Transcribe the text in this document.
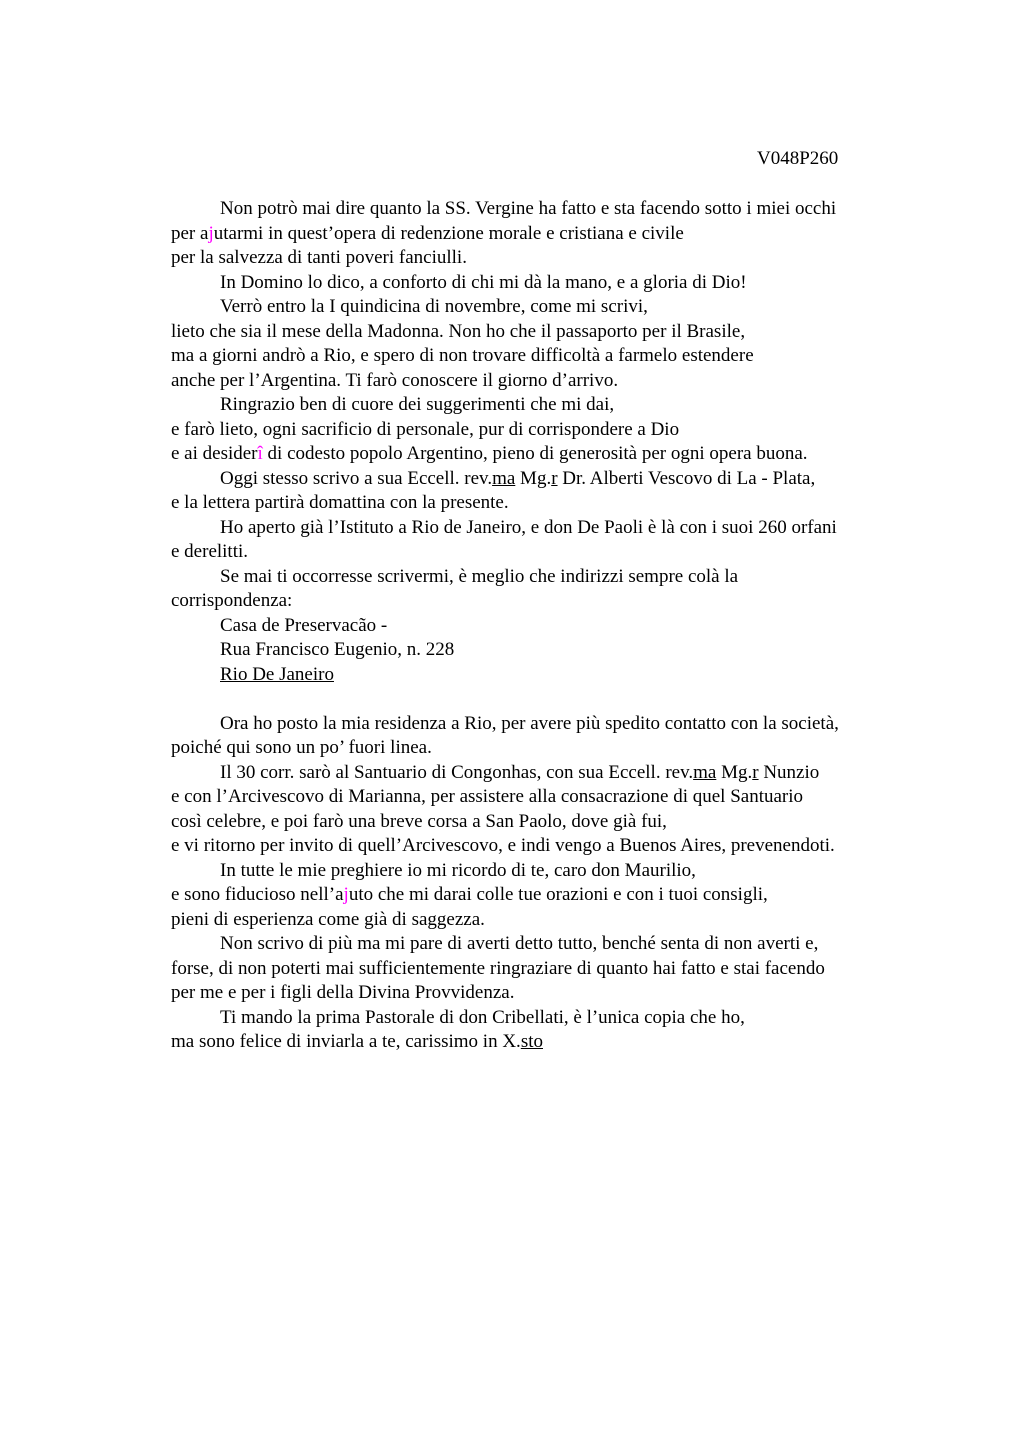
V048P260
Non potrò mai dire quanto la SS. Vergine ha fatto e sta facendo sotto i miei occhi
per ajutarmi in quest’opera di redenzione morale e cristiana e civile
per la salvezza di tanti poveri fanciulli.
In Domino lo dico, a conforto di chi mi dà la mano, e a gloria di Dio!
Verrò entro la I quindicina di novembre, come mi scrivi,
lieto che sia il mese della Madonna. Non ho che il passaporto per il Brasile,
ma a giorni andrò a Rio, e spero di non trovare difficoltà a farmelo estendere
anche per l’Argentina. Ti farò conoscere il giorno d’arrivo.
Ringrazio ben di cuore dei suggerimenti che mi dai,
e farò lieto, ogni sacrificio di personale, pur di corrispondere a Dio
e ai desiderî di codesto popolo Argentino, pieno di generosità per ogni opera buona.
Oggi stesso scrivo a sua Eccell. rev.ma Mg.r Dr. Alberti Vescovo di La - Plata,
e la lettera partirà domattina con la presente.
Ho aperto già l’Istituto a Rio de Janeiro, e don De Paoli è là con i suoi 260 orfani
e derelitti.
Se mai ti occorresse scrivermi, è meglio che indirizzi sempre colà la
corrispondenza:
Casa de Preservacão -
Rua Francisco Eugenio, n. 228
Rio De Janeiro
Ora ho posto la mia residenza a Rio, per avere più spedito contatto con la società,
poiché qui sono un po’ fuori linea.
Il 30 corr. sarò al Santuario di Congonhas, con sua Eccell. rev.ma Mg.r Nunzio
e con l’Arcivescovo di Marianna, per assistere alla consacrazione di quel Santuario
così celebre, e poi farò una breve corsa a San Paolo, dove già fui,
e vi ritorno per invito di quell’Arcivescovo, e indi vengo a Buenos Aires, prevenendoti.
In tutte le mie preghiere io mi ricordo di te, caro don Maurilio,
e sono fiducioso nell’ajuto che mi darai colle tue orazioni e con i tuoi consigli,
pieni di esperienza come già di saggezza.
Non scrivo di più ma mi pare di averti detto tutto, benché senta di non averti e,
forse, di non poterti mai sufficientemente ringraziare di quanto hai fatto e stai facendo
per me e per i figli della Divina Provvidenza.
Ti mando la prima Pastorale di don Cribellati, è l’unica copia che ho,
ma sono felice di inviarla a te, carissimo in X.sto
